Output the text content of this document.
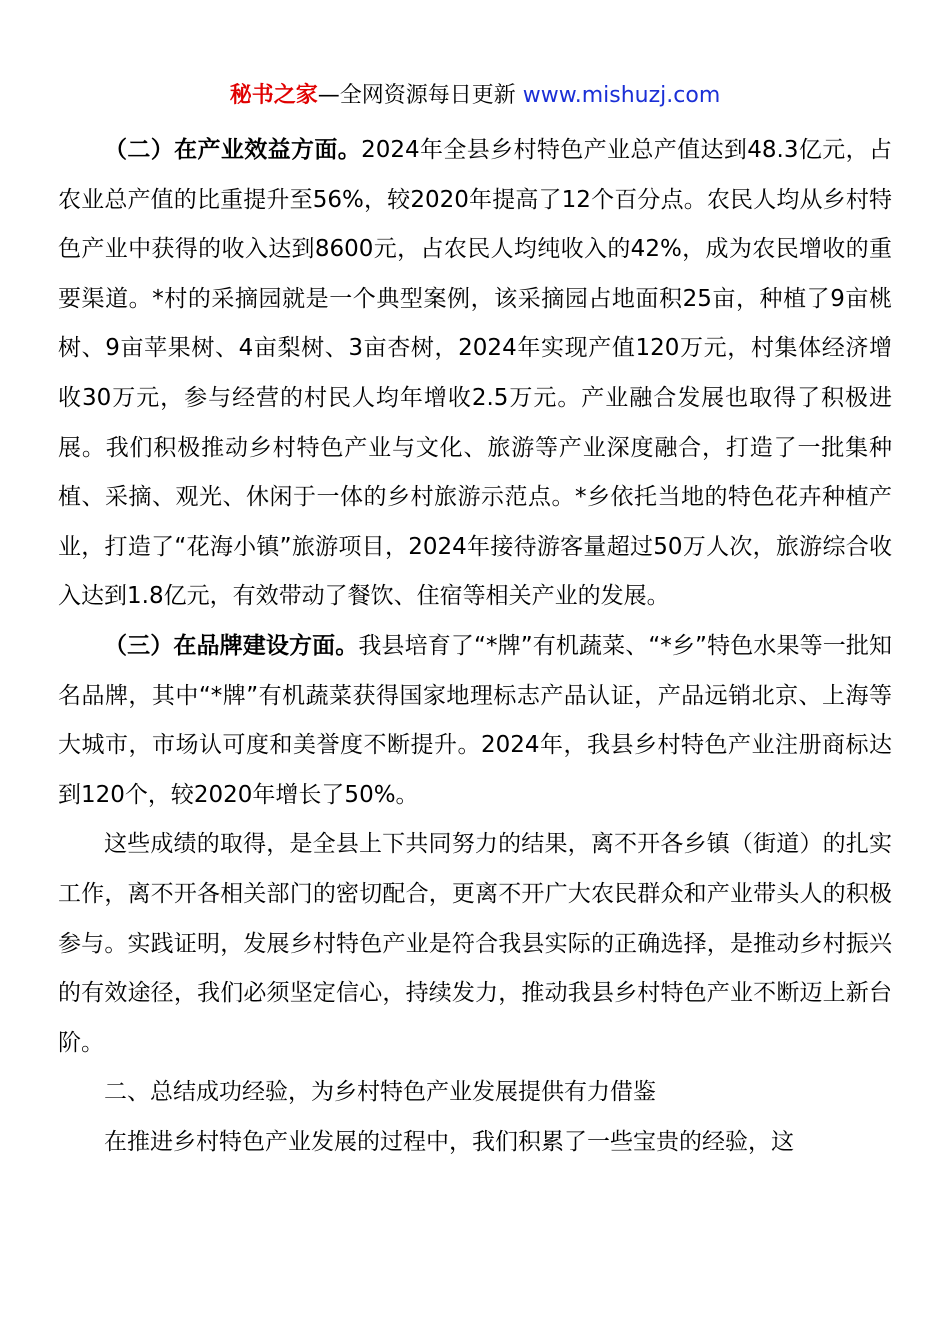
秘书之家—全网资源每日更新 www.mishuzj.com

（二）在产业效益方面。2024年全县乡村特色产业总产值达到48.3亿元，占农业总产值的比重提升至56%，较2020年提高了12个百分点。农民人均从乡村特色产业中获得的收入达到8600元，占农民人均纯收入的42%，成为农民增收的重要渠道。*村的采摘园就是一个典型案例，该采摘园占地面积25亩，种植了9亩桃树、9亩苹果树、4亩梨树、3亩杏树，2024年实现产值120万元，村集体经济增收30万元，参与经营的村民人均年增收2.5万元。产业融合发展也取得了积极进展。我们积极推动乡村特色产业与文化、旅游等产业深度融合，打造了一批集种植、采摘、观光、休闲于一体的乡村旅游示范点。*乡依托当地的特色花卉种植产业，打造了“花海小镇”旅游项目，2024年接待游客量超过50万人次，旅游综合收入达到1.8亿元，有效带动了餐饮、住宿等相关产业的发展。

（三）在品牌建设方面。我县培育了“*牌”有机蔬菜、“*乡”特色水果等一批知名品牌，其中“*牌”有机蔬菜获得国家地理标志产品认证，产品远销北京、上海等大城市，市场认可度和美誉度不断提升。2024年，我县乡村特色产业注册商标达到120个，较2020年增长了50%。

这些成绩的取得，是全县上下共同努力的结果，离不开各乡镇（街道）的扎实工作，离不开各相关部门的密切配合，更离不开广大农民群众和产业带头人的积极参与。实践证明，发展乡村特色产业是符合我县实际的正确选择，是推动乡村振兴的有效途径，我们必须坚定信心，持续发力，推动我县乡村特色产业不断迈上新台阶。

二、总结成功经验，为乡村特色产业发展提供有力借鉴

在推进乡村特色产业发展的过程中，我们积累了一些宝贵的经验，这
